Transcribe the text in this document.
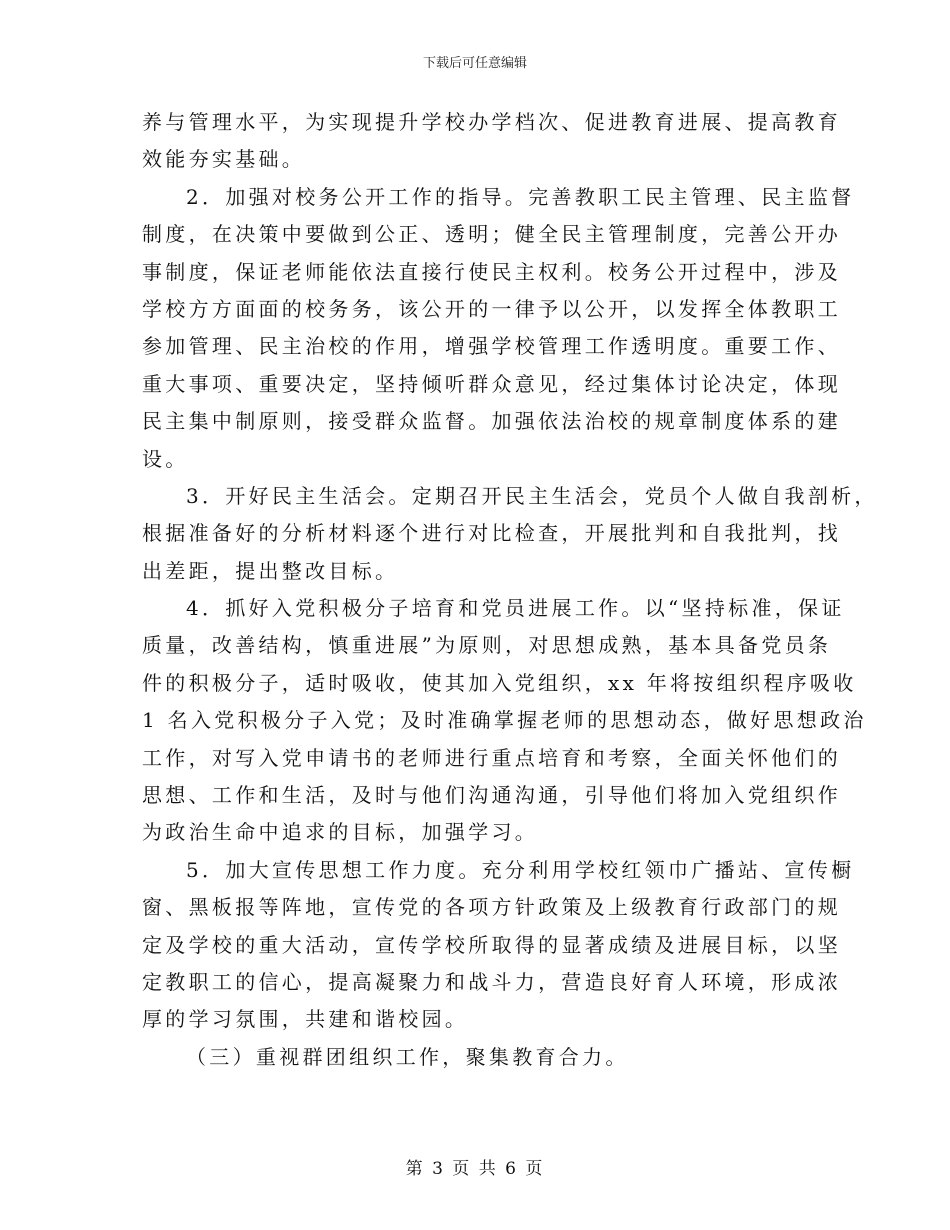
下载后可任意编辑
养与管理水平，为实现提升学校办学档次、促进教育进展、提高教育
效能夯实基础。
2．加强对校务公开工作的指导。完善教职工民主管理、民主监督
制度，在决策中要做到公正、透明；健全民主管理制度，完善公开办
事制度，保证老师能依法直接行使民主权利。校务公开过程中，涉及
学校方方面面的校务务，该公开的一律予以公开，以发挥全体教职工
参加管理、民主治校的作用，增强学校管理工作透明度。重要工作、
重大事项、重要决定，坚持倾听群众意见，经过集体讨论决定，体现
民主集中制原则，接受群众监督。加强依法治校的规章制度体系的建
设。
3．开好民主生活会。定期召开民主生活会，党员个人做自我剖析，
根据准备好的分析材料逐个进行对比检查，开展批判和自我批判，找
出差距，提出整改目标。
4．抓好入党积极分子培育和党员进展工作。以“坚持标准，保证
质量，改善结构，慎重进展”为原则，对思想成熟，基本具备党员条
件的积极分子，适时吸收，使其加入党组织，xx 年将按组织程序吸收
1 名入党积极分子入党；及时准确掌握老师的思想动态，做好思想政治
工作，对写入党申请书的老师进行重点培育和考察，全面关怀他们的
思想、工作和生活，及时与他们沟通沟通，引导他们将加入党组织作
为政治生命中追求的目标，加强学习。
5．加大宣传思想工作力度。充分利用学校红领巾广播站、宣传橱
窗、黑板报等阵地，宣传党的各项方针政策及上级教育行政部门的规
定及学校的重大活动，宣传学校所取得的显著成绩及进展目标，以坚
定教职工的信心，提高凝聚力和战斗力，营造良好育人环境，形成浓
厚的学习氛围，共建和谐校园。
（三）重视群团组织工作，聚集教育合力。
第 3 页 共 6 页
